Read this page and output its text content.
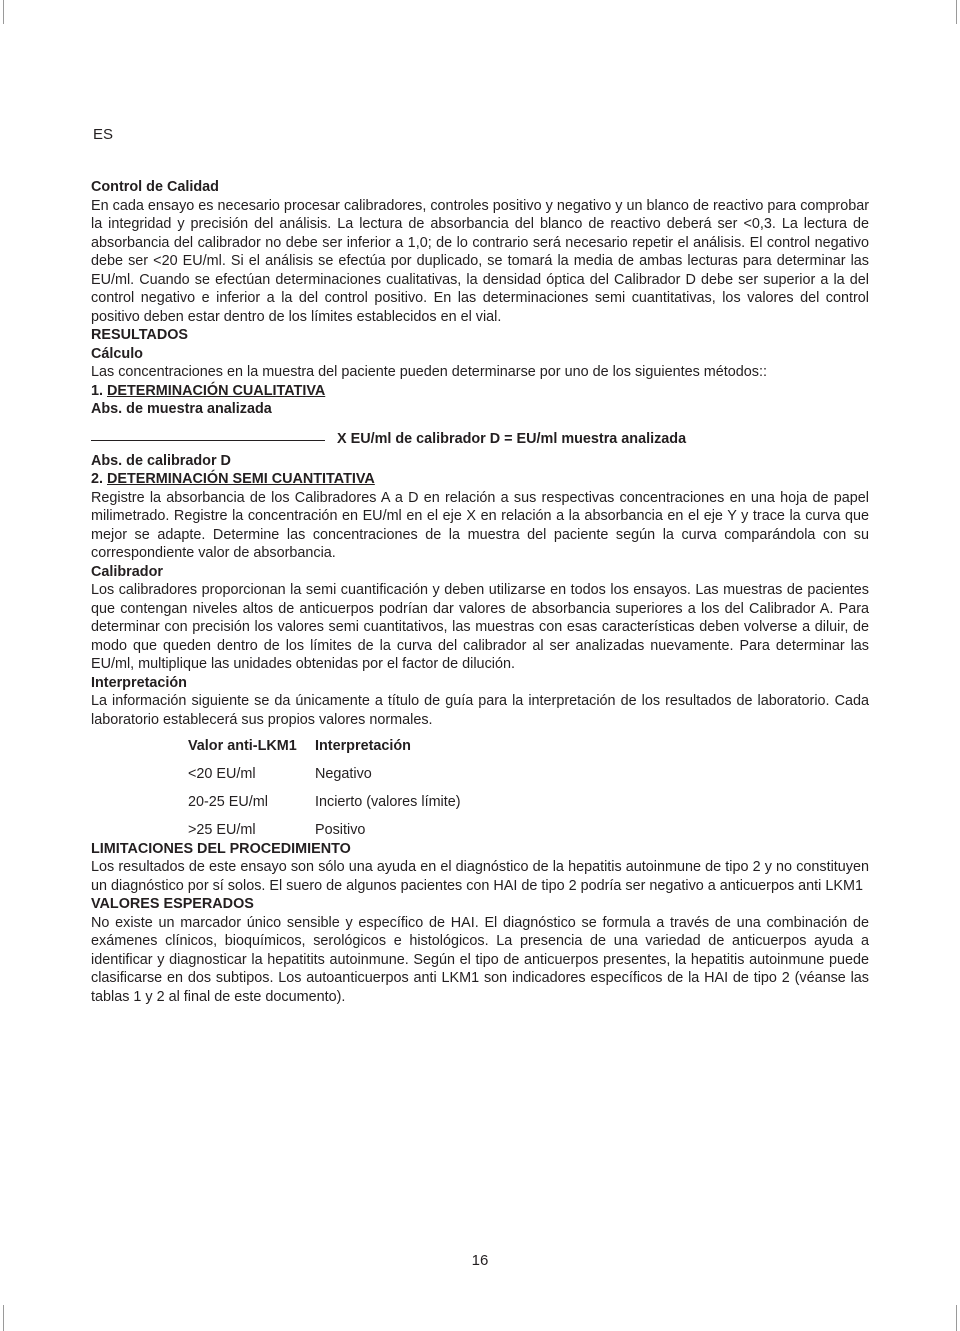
ES

Control de Calidad

En cada ensayo es necesario procesar calibradores, controles positivo y negativo y un blanco de reactivo para comprobar la integridad y precisión del análisis. La lectura de absorbancia del blanco de reactivo deberá ser <0,3. La lectura de absorbancia del calibrador no debe ser inferior a 1,0; de lo contrario será necesario repetir el análisis. El control negativo debe ser <20 EU/ml. Si el análisis se efectúa por duplicado, se tomará la media de ambas lecturas para determinar las EU/ml. Cuando se efectúan determinaciones cualitativas, la densidad óptica del Calibrador D debe ser superior a la del control negativo e inferior a la del control positivo. En las determinaciones semi cuantitativas, los valores del control positivo deben estar dentro de los límites establecidos en el vial.

RESULTADOS

Cálculo

Las concentraciones en la muestra del paciente pueden determinarse por uno de los siguientes métodos::

1. DETERMINACIÓN CUALITATIVA

Abs. de muestra analizada

X EU/ml de calibrador D = EU/ml muestra analizada

Abs. de calibrador D

2. DETERMINACIÓN SEMI CUANTITATIVA

Registre la absorbancia de los Calibradores A a D en relación a sus respectivas concentraciones en una hoja de papel milimetrado. Registre la concentración en EU/ml en el eje X en relación a la absorbancia en el eje Y y trace la curva que mejor se adapte. Determine las concentraciones de la muestra del paciente según la curva comparándola con su correspondiente valor de absorbancia.

Calibrador

Los calibradores proporcionan la semi cuantificación y deben utilizarse en todos los ensayos. Las muestras de pacientes que contengan niveles altos de anticuerpos podrían dar valores de absorbancia superiores a los del Calibrador A. Para determinar con precisión los valores semi cuantitativos, las muestras con esas características deben volverse a diluir, de modo que queden dentro de los límites de la curva del calibrador al ser analizadas nuevamente. Para determinar las EU/ml, multiplique las unidades obtenidas por el factor de dilución.

Interpretación

La información siguiente se da únicamente a título de guía para la interpretación de los resultados de laboratorio. Cada laboratorio establecerá sus propios valores normales.

Valor anti-LKM1	Interpretación
<20 EU/ml	Negativo
20-25 EU/ml	Incierto (valores límite)
>25 EU/ml	Positivo

LIMITACIONES DEL PROCEDIMIENTO

Los resultados de este ensayo son sólo una ayuda en el diagnóstico de la hepatitis autoinmune de tipo 2 y no constituyen un diagnóstico por sí solos. El suero de algunos pacientes con HAI de tipo 2 podría ser negativo a anticuerpos anti LKM1

VALORES ESPERADOS

No existe un marcador único sensible y específico de HAI. El diagnóstico se formula a través de una combinación de exámenes clínicos, bioquímicos, serológicos e histológicos. La presencia de una variedad de anticuerpos ayuda a identificar y diagnosticar la hepatitits autoinmune. Según el tipo de anticuerpos presentes, la hepatitis autoinmune puede clasificarse en dos subtipos. Los autoanticuerpos anti LKM1 son indicadores específicos de la HAI de tipo 2 (véanse las tablas 1 y 2 al final de este documento).

16
